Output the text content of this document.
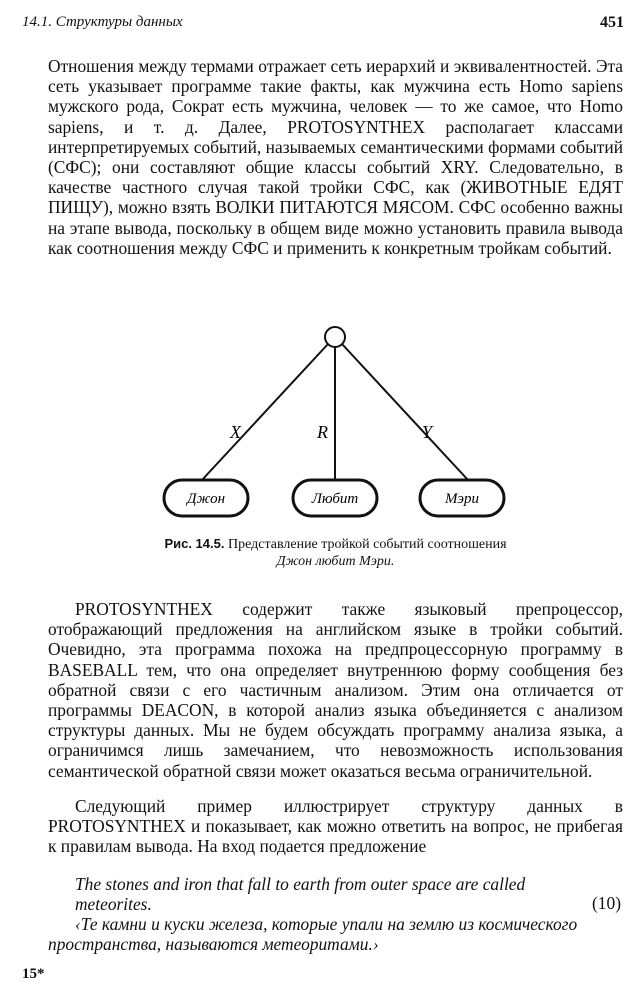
14.1. Структуры данных	451

Отношения между термами отражает сеть иерархий и эквивалентностей. Эта сеть указывает программе такие факты, как мужчина есть Homo sapiens мужского рода, Сократ есть мужчина, человек — то же самое, что Homo sapiens, и т. д. Далее, PROTOSYNTHEX располагает классами интерпретируемых событий, называемых семантическими формами событий (СФС); они составляют общие классы событий XRY. Следовательно, в качестве частного случая такой тройки СФС, как (ЖИВОТНЫЕ ЕДЯТ ПИЩУ), можно взять ВОЛКИ ПИТАЮТСЯ МЯСОМ. СФС особенно важны на этапе вывода, поскольку в общем виде можно установить правила вывода как соотношения между СФС и применить к конкретным тройкам событий.

X	R	Y
Джон	Любит	Мэри
Рис. 14.5. Представление тройкой событий соотношения
Джон любит Мэри.

PROTOSYNTHEX содержит также языковый препроцессор, отображающий предложения на английском языке в тройки событий. Очевидно, эта программа похожа на предпроцессорную программу в BASEBALL тем, что она определяет внутреннюю форму сообщения без обратной связи с его частичным анализом. Этим она отличается от программы DEACON, в которой анализ языка объединяется с анализом структуры данных. Мы не будем обсуждать программу анализа языка, а ограничимся лишь замечанием, что невозможность использования семантической обратной связи может оказаться весьма ограничительной.

Следующий пример иллюстрирует структуру данных в PROTOSYNTHEX и показывает, как можно ответить на вопрос, не прибегая к правилам вывода. На вход подается предложение

The stones and iron that fall to earth from outer space are called meteorites.	(10)

‹Те камни и куски железа, которые упали на землю из космического пространства, называются метеоритами.›

15*
